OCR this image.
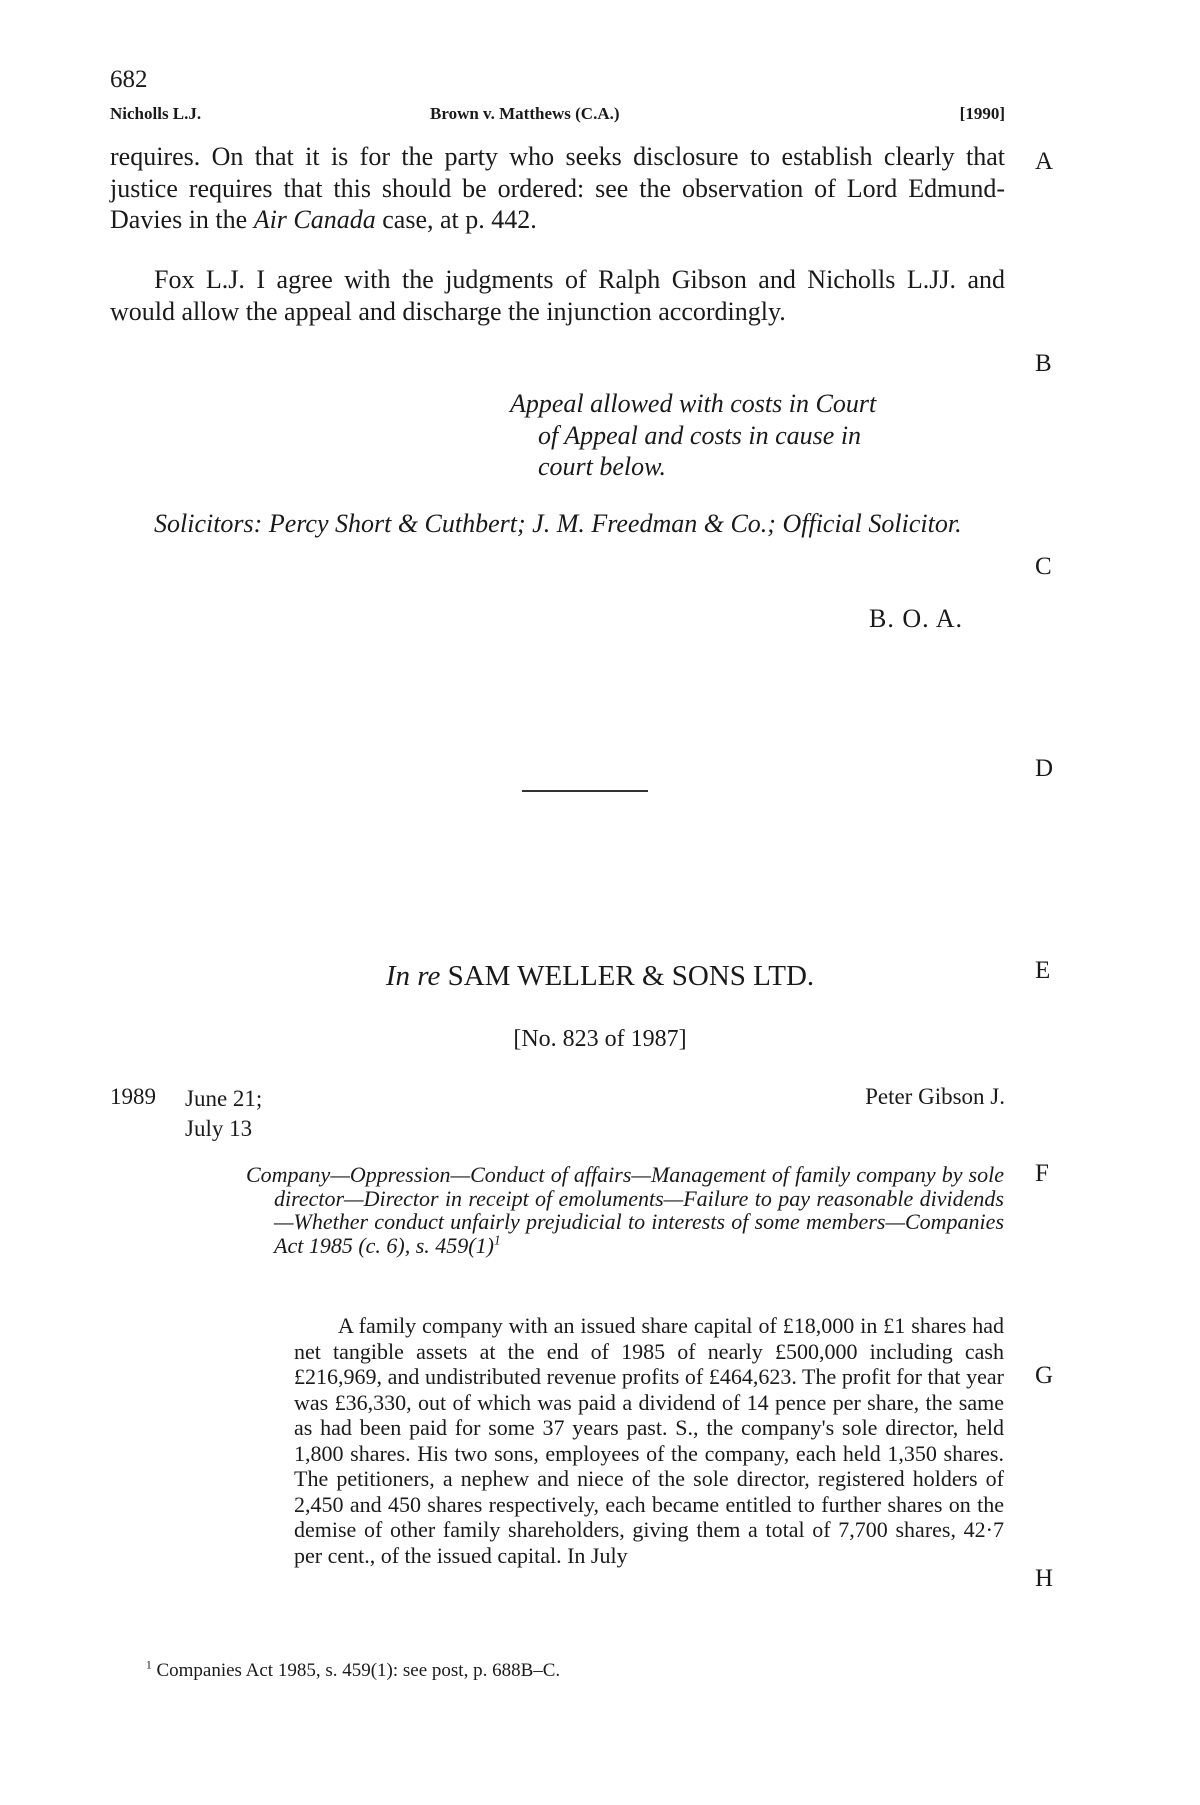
682
Nicholls L.J.	Brown v. Matthews (C.A.)	[1990]
A
B
C
D
E
F
G
H

requires. On that it is for the party who seeks disclosure to establish clearly that justice requires that this should be ordered: see the observation of Lord Edmund-Davies in the Air Canada case, at p. 442.

Fox L.J. I agree with the judgments of Ralph Gibson and Nicholls L.JJ. and would allow the appeal and discharge the injunction accordingly.

Appeal allowed with costs in Court

of Appeal and costs in cause in
court below.

Solicitors: Percy Short & Cuthbert; J. M. Freedman & Co.; Official Solicitor.

B. O. A.
In re SAM WELLER & SONS LTD.
[No. 823 of 1987]
1989 June 21;
July 13
Peter Gibson J.

Company—Oppression—Conduct of affairs—Management of family company by sole director—Director in receipt of emoluments—Failure to pay reasonable dividends—Whether conduct unfairly prejudicial to interests of some members—Companies Act 1985 (c. 6), s. $459(1)^1$

A family company with an issued share capital of £18,000 in £1 shares had net tangible assets at the end of 1985 of nearly £500,000 including cash £216,969, and undistributed revenue profits of £464,623. The profit for that year was £36,330, out of which was paid a dividend of 14 pence per share, the same as had been paid for some 37 years past. S., the company's sole director, held 1,800 shares. His two sons, employees of the company, each held 1,350 shares. The petitioners, a nephew and niece of the sole director, registered holders of 2,450 and 450 shares respectively, each became entitled to further shares on the demise of other family shareholders, giving them a total of 7,700 shares, 42·7 per cent., of the issued capital. In July

$^1$ Companies Act 1985, s. 459(1): see post, p. 688B–C.
